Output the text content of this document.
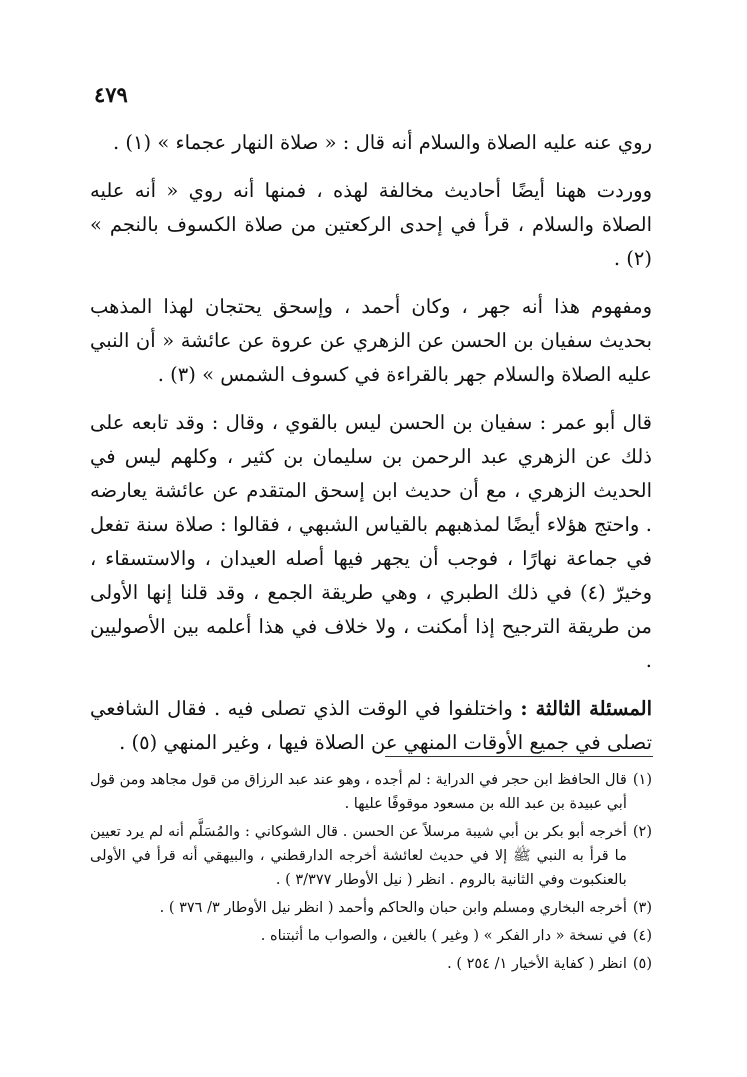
٤٧٩

روي عنه عليه الصلاة والسلام أنه قال : « صلاة النهار عجماء » (١) .

ووردت ههنا أيضًا أحاديث مخالفة لهذه ، فمنها أنه روي « أنه عليه الصلاة والسلام ، قرأ في إحدى الركعتين من صلاة الكسوف بالنجم » (٢) .

ومفهوم هذا أنه جهر ، وكان أحمد ، وإسحق يحتجان لهذا المذهب بحديث سفيان بن الحسن عن الزهري عن عروة عن عائشة « أن النبي عليه الصلاة والسلام جهر بالقراءة في كسوف الشمس » (٣) .

قال أبو عمر : سفيان بن الحسن ليس بالقوي ، وقال : وقد تابعه على ذلك عن الزهري عبد الرحمن بن سليمان بن كثير ، وكلهم ليس في الحديث الزهري ، مع أن حديث ابن إسحق المتقدم عن عائشة يعارضه . واحتج هؤلاء أيضًا لمذهبهم بالقياس الشبهي ، فقالوا : صلاة سنة تفعل في جماعة نهارًا ، فوجب أن يجهر فيها أصله العيدان ، والاستسقاء ، وخيرّ (٤) في ذلك الطبري ، وهي طريقة الجمع ، وقد قلنا إنها الأولى من طريقة الترجيح إذا أمكنت ، ولا خلاف في هذا أعلمه بين الأصوليين .

المسئلة الثالثة : واختلفوا في الوقت الذي تصلى فيه . فقال الشافعي تصلى في جميع الأوقات المنهي عن الصلاة فيها ، وغير المنهي (٥) .

(١)
قال الحافظ ابن حجر في الدراية : لم أجده ، وهو عند عبد الرزاق من قول مجاهد ومن قول أبي عبيدة بن عبد الله بن مسعود موقوفًا عليها .
(٢)
أخرجه أبو بكر بن أبي شيبة مرسلاً عن الحسن . قال الشوكاني : والمُسَلَّم أنه لم يرد تعيين ما قرأ به النبي ﷺ إلا في حديث لعائشة أخرجه الدارقطني ، والبيهقي أنه قرأ في الأولى بالعنكبوت وفي الثانية بالروم . انظر ( نيل الأوطار ٣/٣٧٧ ) .
(٣)
أخرجه البخاري ومسلم وابن حبان والحاكم وأحمد ( انظر نيل الأوطار ٣/ ٣٧٦ ) .
(٤)
في نسخة « دار الفكر » ( وغير ) بالغين ، والصواب ما أثبتناه .
(٥)
انظر ( كفاية الأخيار ١/ ٢٥٤ ) .
